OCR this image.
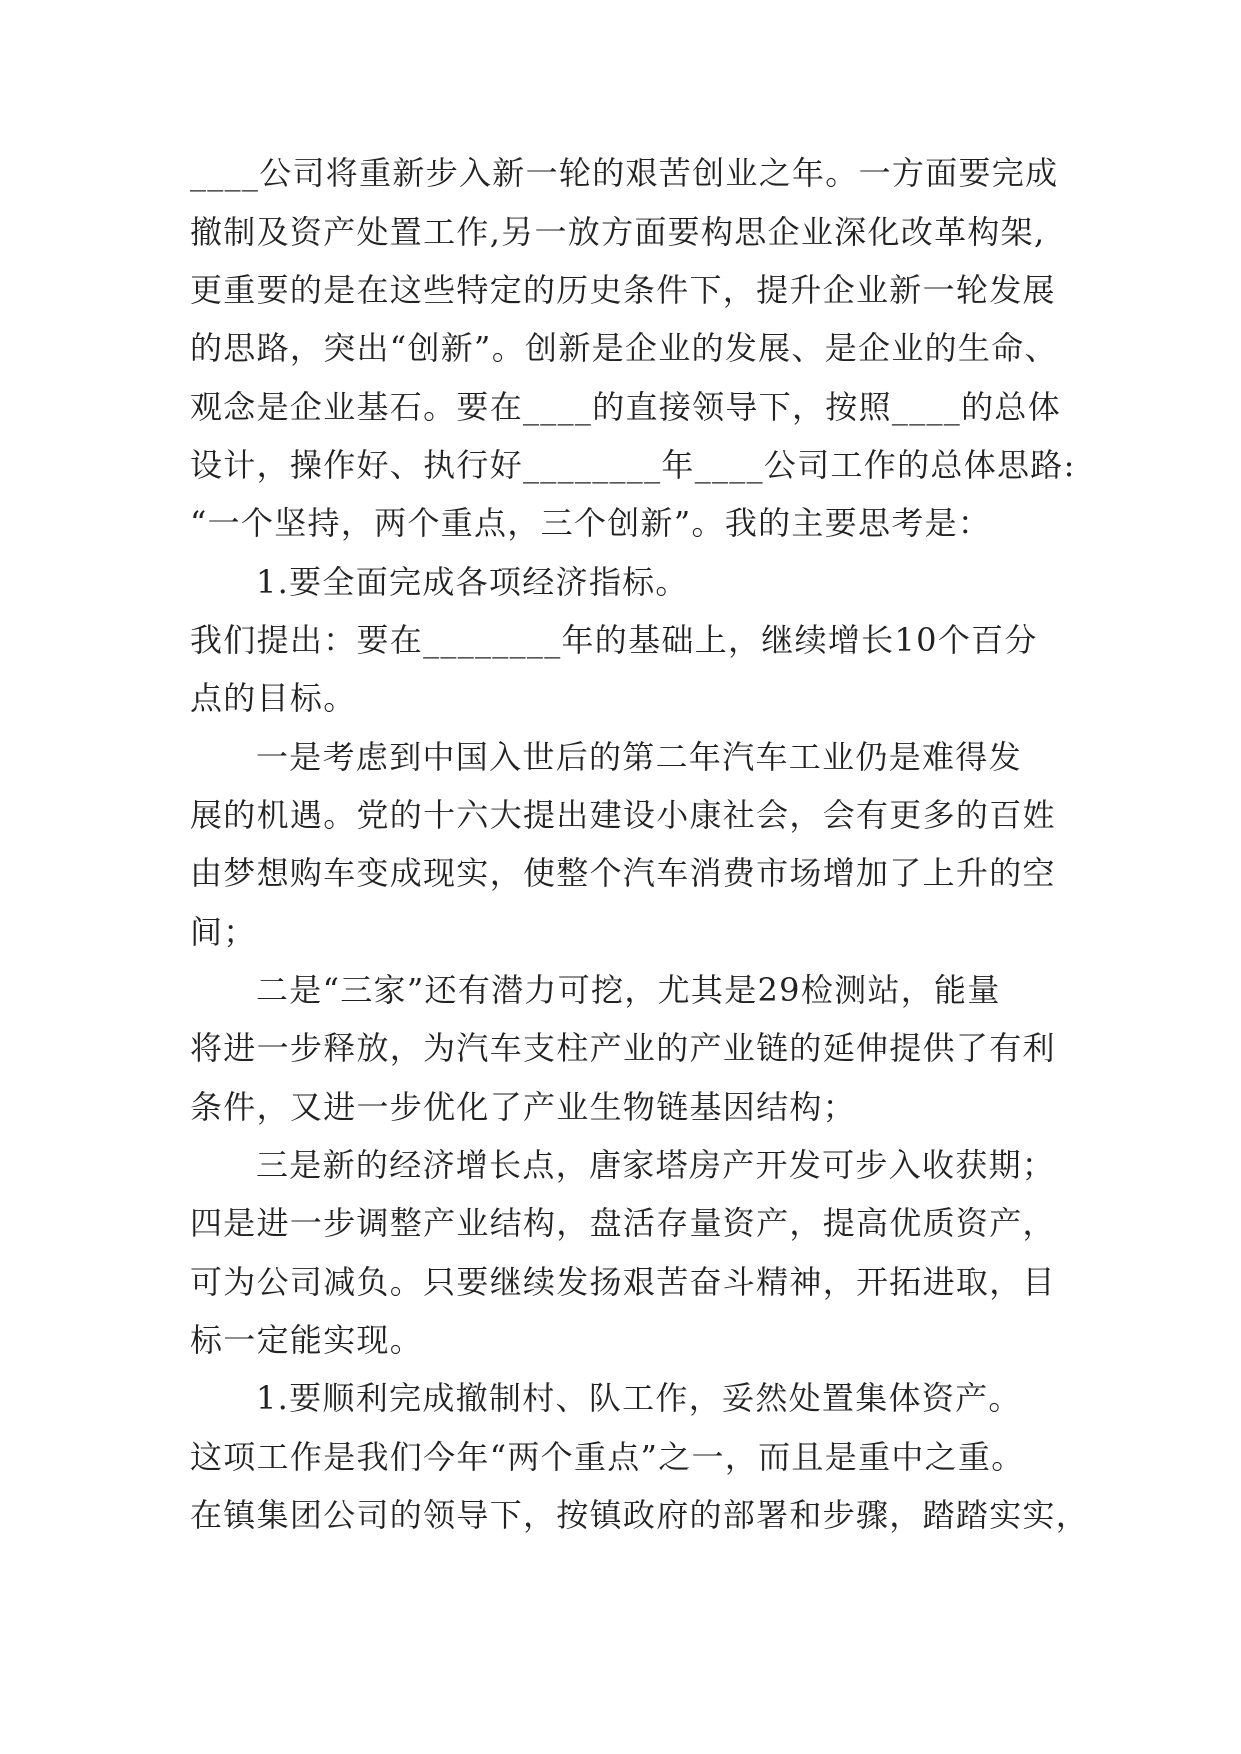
____公司将重新步入新一轮的艰苦创业之年。一方面要完成
撤制及资产处置工作,另一放方面要构思企业深化改革构架,
更重要的是在这些特定的历史条件下，提升企业新一轮发展
的思路，突出“创新”。创新是企业的发展、是企业的生命、
观念是企业基石。要在____的直接领导下，按照____的总体
设计，操作好、执行好________年____公司工作的总体思路:
“一个坚持，两个重点，三个创新”。我的主要思考是：
1.要全面完成各项经济指标。
我们提出：要在________年的基础上，继续增长10个百分
点的目标。
一是考虑到中国入世后的第二年汽车工业仍是难得发
展的机遇。党的十六大提出建设小康社会，会有更多的百姓
由梦想购车变成现实，使整个汽车消费市场增加了上升的空
间；
二是“三家”还有潜力可挖，尤其是29检测站，能量
将进一步释放，为汽车支柱产业的产业链的延伸提供了有利
条件，又进一步优化了产业生物链基因结构；
三是新的经济增长点，唐家塔房产开发可步入收获期；
四是进一步调整产业结构，盘活存量资产，提高优质资产，
可为公司减负。只要继续发扬艰苦奋斗精神，开拓进取，目
标一定能实现。
1.要顺利完成撤制村、队工作，妥然处置集体资产。
这项工作是我们今年“两个重点”之一，而且是重中之重。
在镇集团公司的领导下，按镇政府的部署和步骤，踏踏实实，
